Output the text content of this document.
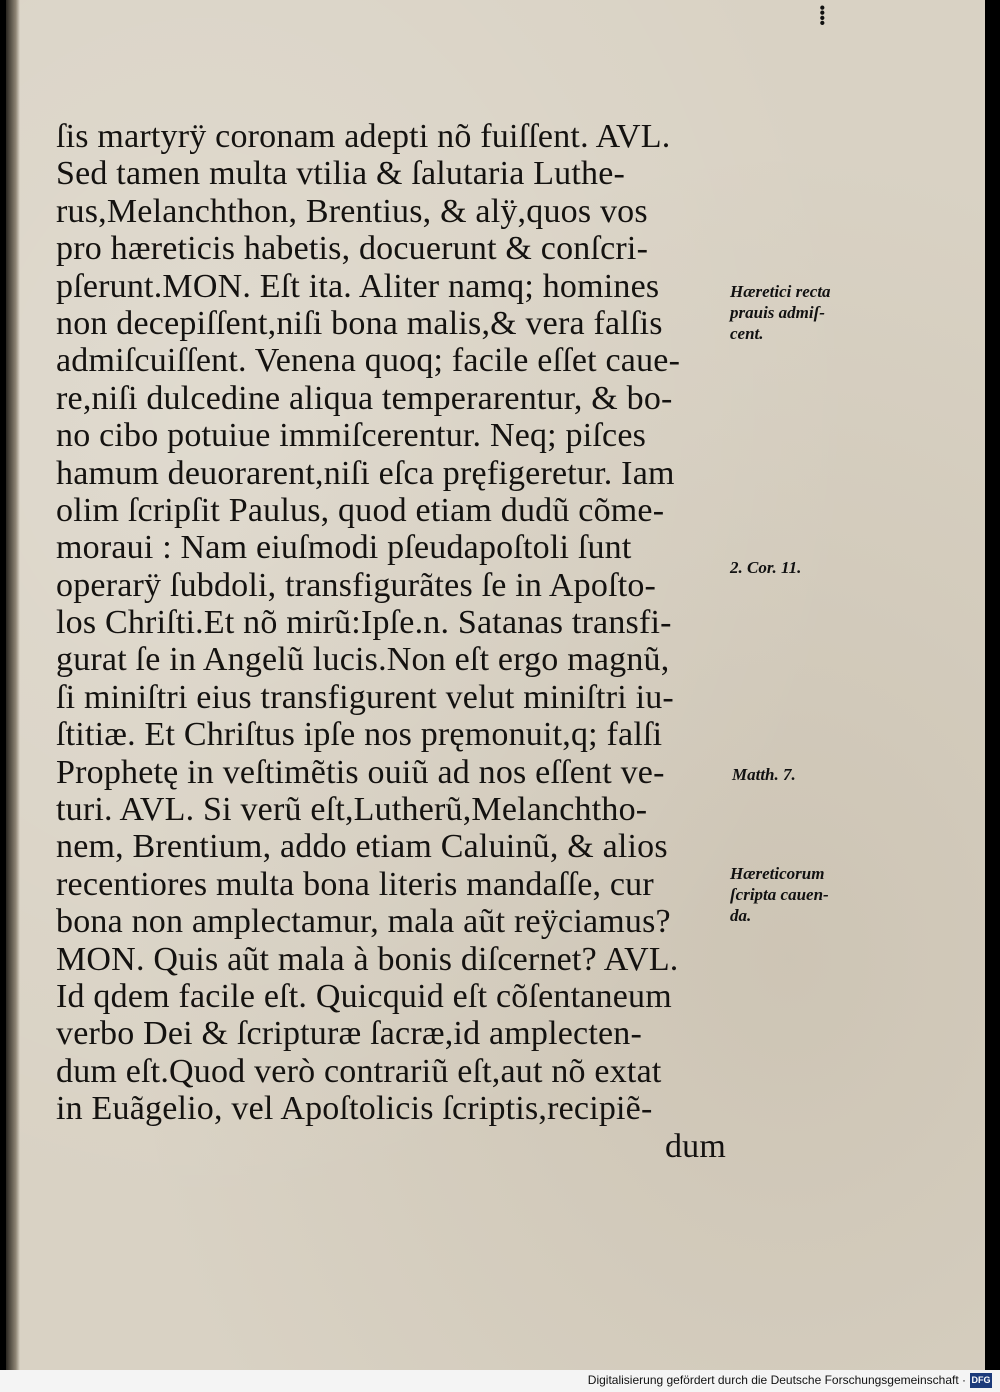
⁞
ſis martyrÿ coronam adepti nõ fuiſſent. AVL.
Sed tamen multa vtilia & ſalutaria Luthe-
rus,Melanchthon, Brentius, & alÿ,quos vos
pro hæreticis habetis, docuerunt & conſcri-
pſerunt.MON. Eſt ita. Aliter namq; homines
non decepiſſent,niſi bona malis,& vera falſis
admiſcuiſſent. Venena quoq; facile eſſet caue-
re,niſi dulcedine aliqua temperarentur, & bo-
no cibo potuiue immiſcerentur. Neq; piſces
hamum deuorarent,niſi eſca pręfigeretur. Iam
olim ſcripſit Paulus, quod etiam dudũ cõme-
moraui : Nam eiuſmodi pſeudapoſtoli ſunt
operarÿ ſubdoli, transfigurãtes ſe in Apoſto-
los Chriſti.Et nõ mirũ:Ipſe.n. Satanas transfi-
gurat ſe in Angelũ lucis.Non eſt ergo magnũ,
ſi miniſtri eius transfigurent velut miniſtri iu-
ſtitiæ. Et Chriſtus ipſe nos pręmonuit,q; falſi
Prophetę in veſtimẽtis ouiũ ad nos eſſent ve-
turi. AVL. Si verũ eſt,Lutherũ,Melanchtho-
nem, Brentium, addo etiam Caluinũ, & alios
recentiores multa bona literis mandaſſe, cur
bona non amplectamur, mala aũt reÿciamus?
MON. Quis aũt mala à bonis diſcernet? AVL.
Id qdem facile eſt. Quicquid eſt cõſentaneum
verbo Dei & ſcripturæ ſacræ,id amplecten-
dum eſt.Quod verò contrariũ eſt,aut nõ extat
in Euãgelio, vel Apoſtolicis ſcriptis,recipiẽ-
dum
Hæretici recta
prauis admiſ-
cent.
2. Cor. 11.
Matth. 7.
Hæreticorum
ſcripta cauen-
da.
Digitalisierung gefördert durch die Deutsche Forschungsgemeinschaft · DFG
